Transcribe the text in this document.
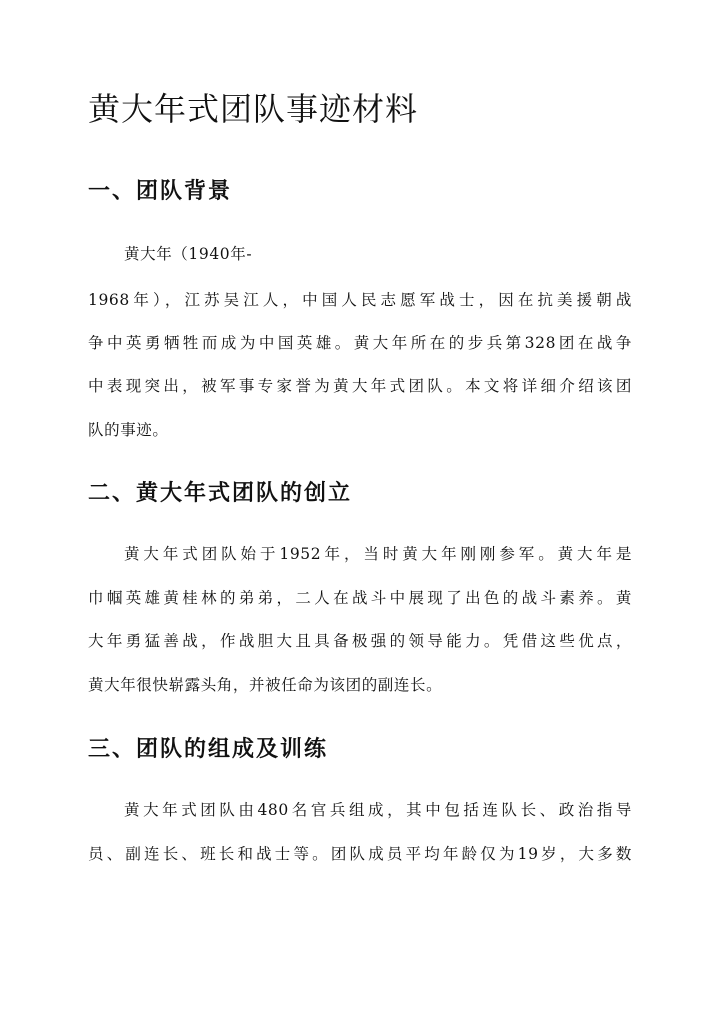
黄大年式团队事迹材料
一、团队背景

黄大年（1940年-

1968年），江苏吴江人，中国人民志愿军战士，因在抗美援朝战

争中英勇牺牲而成为中国英雄。黄大年所在的步兵第328团在战争

中表现突出，被军事专家誉为黄大年式团队。本文将详细介绍该团

队的事迹。

二、黄大年式团队的创立

黄大年式团队始于1952年，当时黄大年刚刚参军。黄大年是

巾帼英雄黄桂林的弟弟，二人在战斗中展现了出色的战斗素养。黄

大年勇猛善战，作战胆大且具备极强的领导能力。凭借这些优点，

黄大年很快崭露头角，并被任命为该团的副连长。

三、团队的组成及训练

黄大年式团队由480名官兵组成，其中包括连队长、政治指导

员、副连长、班长和战士等。团队成员平均年龄仅为19岁，大多数
